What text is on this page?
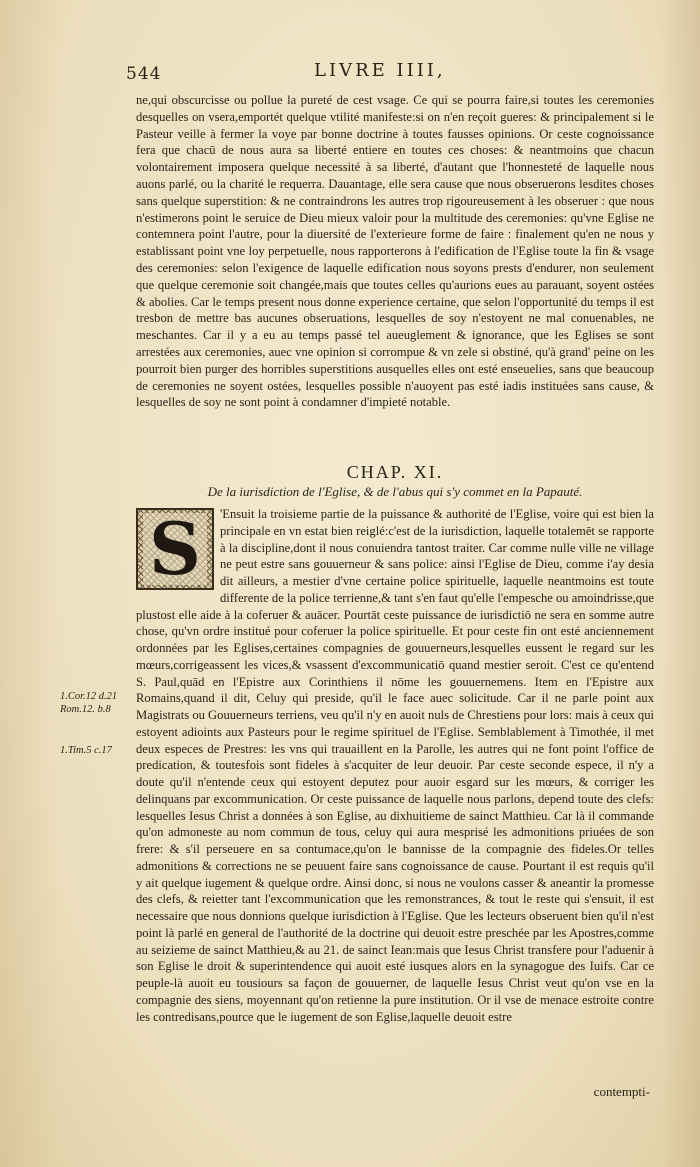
544	LIVRE IIII,
ne,qui obscurcisse ou pollue la pureté de cest vsage. Ce qui se pourra faire,si toutes les ceremonies desquelles on vsera,emportét quelque vtilité manifeste:si on n'en reçoit gueres: & principalement si le Pasteur veille à fermer la voye par bonne doctrine à toutes fausses opinions. Or ceste cognoissance fera que chacū de nous aura sa liberté entiere en toutes ces choses: & neantmoins que chacun volontairement imposera quelque necessité à sa liberté, d'autant que l'honnesteté de laquelle nous auons parlé, ou la charité le requerra. Dauantage, elle sera cause que nous obseruerons lesdites choses sans quelque superstition: & ne contraindrons les autres trop rigoureusement à les obseruer : que nous n'estimerons point le seruice de Dieu mieux valoir pour la multitude des ceremonies: qu'vne Eglise ne contemnera point l'autre, pour la diuersité de l'exterieure forme de faire : finalement qu'en ne nous y establissant point vne loy perpetuelle, nous rapporterons à l'edification de l'Eglise toute la fin & vsage des ceremonies: selon l'exigence de laquelle edification nous soyons prests d'endurer, non seulement que quelque ceremonie soit changée,mais que toutes celles qu'aurions eues au parauant, soyent ostées & abolies. Car le temps present nous donne experience certaine, que selon l'opportunité du temps il est tresbon de mettre bas aucunes obseruations, lesquelles de soy n'estoyent ne mal conuenables, ne meschantes. Car il y a eu au temps passé tel aueuglement & ignorance, que les Eglises se sont arrestées aux ceremonies, auec vne opinion si corrompue & vn zele si obstiné, qu'à grand' peine on les pourroit bien purger des horribles superstitions ausquelles elles ont esté enseuelies, sans que beaucoup de ceremonies ne soyent ostées, lesquelles possible n'auoyent pas esté iadis instituées sans cause, & lesquelles de soy ne sont point à condamner d'impieté notable.
CHAP. XI.
De la iurisdiction de l'Eglise, & de l'abus qui s'y commet en la Papauté.
S	'Ensuit la troisieme partie de la puissance & authorité de l'Eglise, voire qui est bien la principale en vn estat bien reiglé:c'est de la iurisdiction, laquelle totalemēt se rapporte à la discipline,dont il nous conuiendra tantost traiter. Car comme nulle ville ne village ne peut estre sans gouuerneur & sans police: ainsi l'Eglise de Dieu, comme i'ay desia dit ailleurs, a mestier d'vne certaine police spirituelle, laquelle neantmoins est toute differente de la police terrienne,& tant s'en faut qu'elle l'empesche ou amoindrisse,que plustost elle aide à la coferuer & auācer. Pourtāt ceste puissance de iurisdictiō ne sera en somme autre chose, qu'vn ordre institué pour coferuer la police spirituelle. Et pour ceste fin ont esté anciennement ordonnées par les Eglises,certaines compagnies de gouuerneurs,lesquelles eussent le regard sur les mœurs,corrigeassent les vices,& vsassent d'excommunicatiō quand mestier seroit. C'est ce qu'entend S. Paul,quād en l'Epistre aux Corinthiens il nōme les gouuernemens. Item en l'Epistre aux Romains,quand il dit, Celuy qui preside, qu'il le face auec solicitude. Car il ne parle point aux Magistrats ou Gouuerneurs terriens, veu qu'il n'y en auoit nuls de Chrestiens pour lors: mais à ceux qui estoyent adioints aux Pasteurs pour le regime spirituel de l'Eglise. Semblablement à Timothée, il met deux especes de Prestres: les vns qui trauaillent en la Parolle, les autres qui ne font point l'office de predication, & toutesfois sont fideles à s'acquiter de leur deuoir. Par ceste seconde espece, il n'y a doute qu'il n'entende ceux qui estoyent deputez pour auoir esgard sur les mœurs, & corriger les delinquans par excommunication. Or ceste puissance de laquelle nous parlons, depend toute des clefs: lesquelles Iesus Christ a données à son Eglise, au dixhuitieme de sainct Matthieu. Car là il commande qu'on admoneste au nom commun de tous, celuy qui aura mesprisé les admonitions priuées de son frere: & s'il perseuere en sa contumace,qu'on le bannisse de la compagnie des fideles.Or telles admonitions & corrections ne se peuuent faire sans cognoissance de cause. Pourtant il est requis qu'il y ait quelque iugement & quelque ordre. Ainsi donc, si nous ne voulons casser & aneantir la promesse des clefs, & reietter tant l'excommunication que les remonstrances, & tout le reste qui s'ensuit, il est necessaire que nous donnions quelque iurisdiction à l'Eglise. Que les lecteurs obseruent bien qu'il n'est point là parlé en general de l'authorité de la doctrine qui deuoit estre preschée par les Apostres,comme au seizieme de sainct Matthieu,& au 21. de sainct Iean:mais que Iesus Christ transfere pour l'aduenir à son Eglise le droit & superintendence qui auoit esté iusques alors en la synagogue des Iuifs. Car ce peuple-là auoit eu tousiours sa façon de gouuerner, de laquelle Iesus Christ veut qu'on vse en la compagnie des siens, moyennant qu'on retienne la pure institution. Or il vse de menace estroite contre les contredisans,pource que le iugement de son Eglise,laquelle deuoit estre
1.Cor.12 d.21 Rom.12. b.8
1.Tim.5 c.17
contempti-
